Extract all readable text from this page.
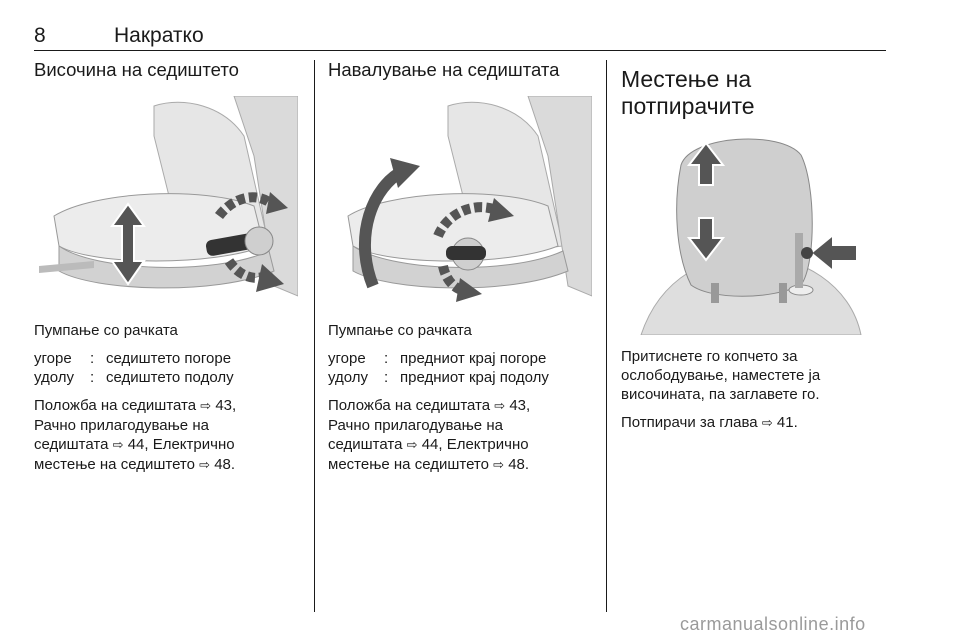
8	Накратко
Височина на седиштето

Пумпање со рачката

угоре	: седиштето погоре
удолу	: седиштето подолу
Положба на седиштата ⇨ 43,
Рачно прилагодување на
седиштата ⇨ 44, Електрично
местење на седиштето ⇨ 48.
Навалување на седиштата

Пумпање со рачката

угоре	: предниот крај погоре
удолу	: предниот крај подолу
Положба на седиштата ⇨ 43,
Рачно прилагодување на
седиштата ⇨ 44, Електрично
местење на седиштето ⇨ 48.
Местење на потпирачите

Притиснете го копчето за
ослободување, наместете ја
височината, па заглавете го.

Потпирачи за глава ⇨ 41.
carmanualsonline.info
